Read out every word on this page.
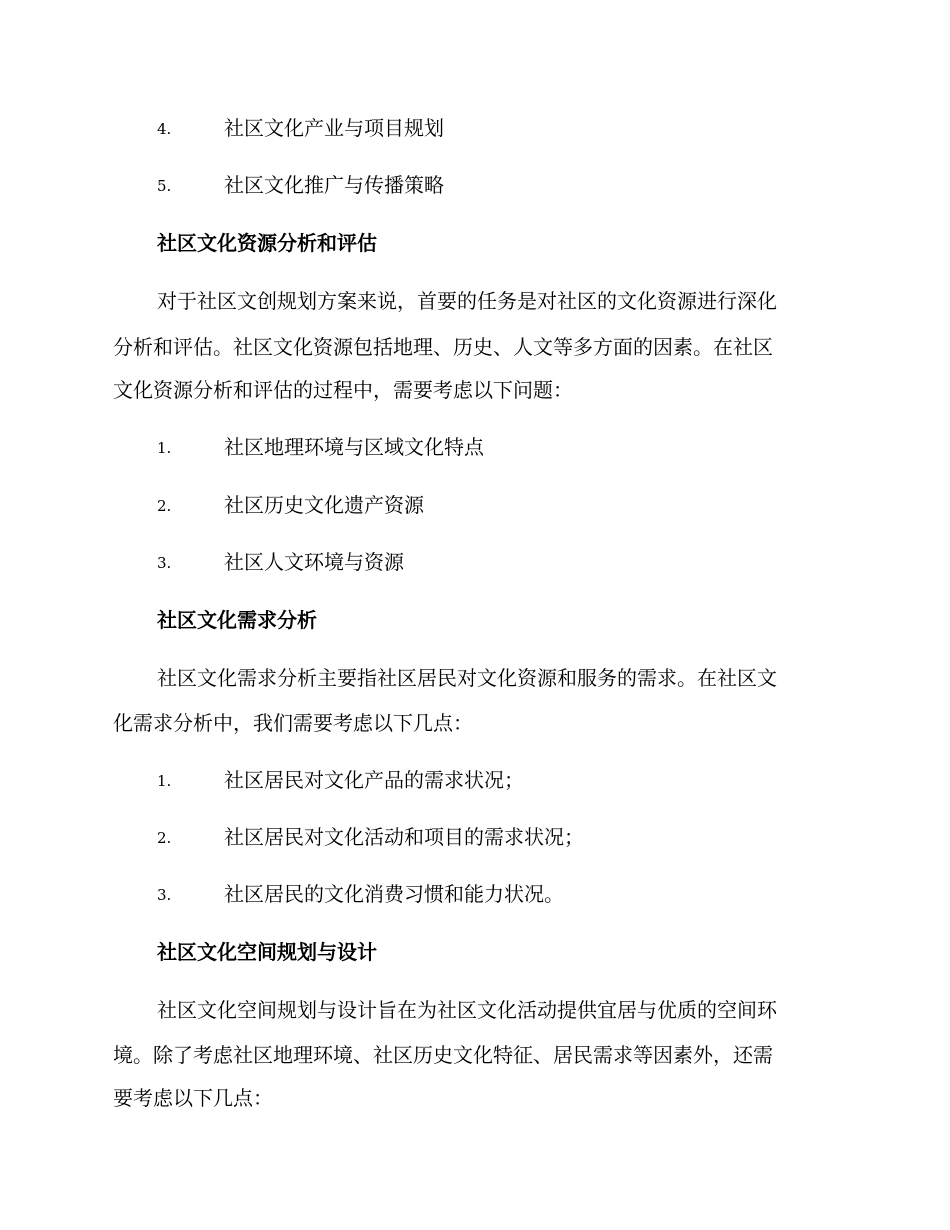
4.	社区文化产业与项目规划
5.	社区文化推广与传播策略
社区文化资源分析和评估
对于社区文创规划方案来说，首要的任务是对社区的文化资源进行深化
分析和评估。社区文化资源包括地理、历史、人文等多方面的因素。在社区
文化资源分析和评估的过程中，需要考虑以下问题：
1.	社区地理环境与区域文化特点
2.	社区历史文化遗产资源
3.	社区人文环境与资源
社区文化需求分析
社区文化需求分析主要指社区居民对文化资源和服务的需求。在社区文
化需求分析中，我们需要考虑以下几点：
1.	社区居民对文化产品的需求状况；
2.	社区居民对文化活动和项目的需求状况；
3.	社区居民的文化消费习惯和能力状况。
社区文化空间规划与设计
社区文化空间规划与设计旨在为社区文化活动提供宜居与优质的空间环
境。除了考虑社区地理环境、社区历史文化特征、居民需求等因素外，还需
要考虑以下几点：
